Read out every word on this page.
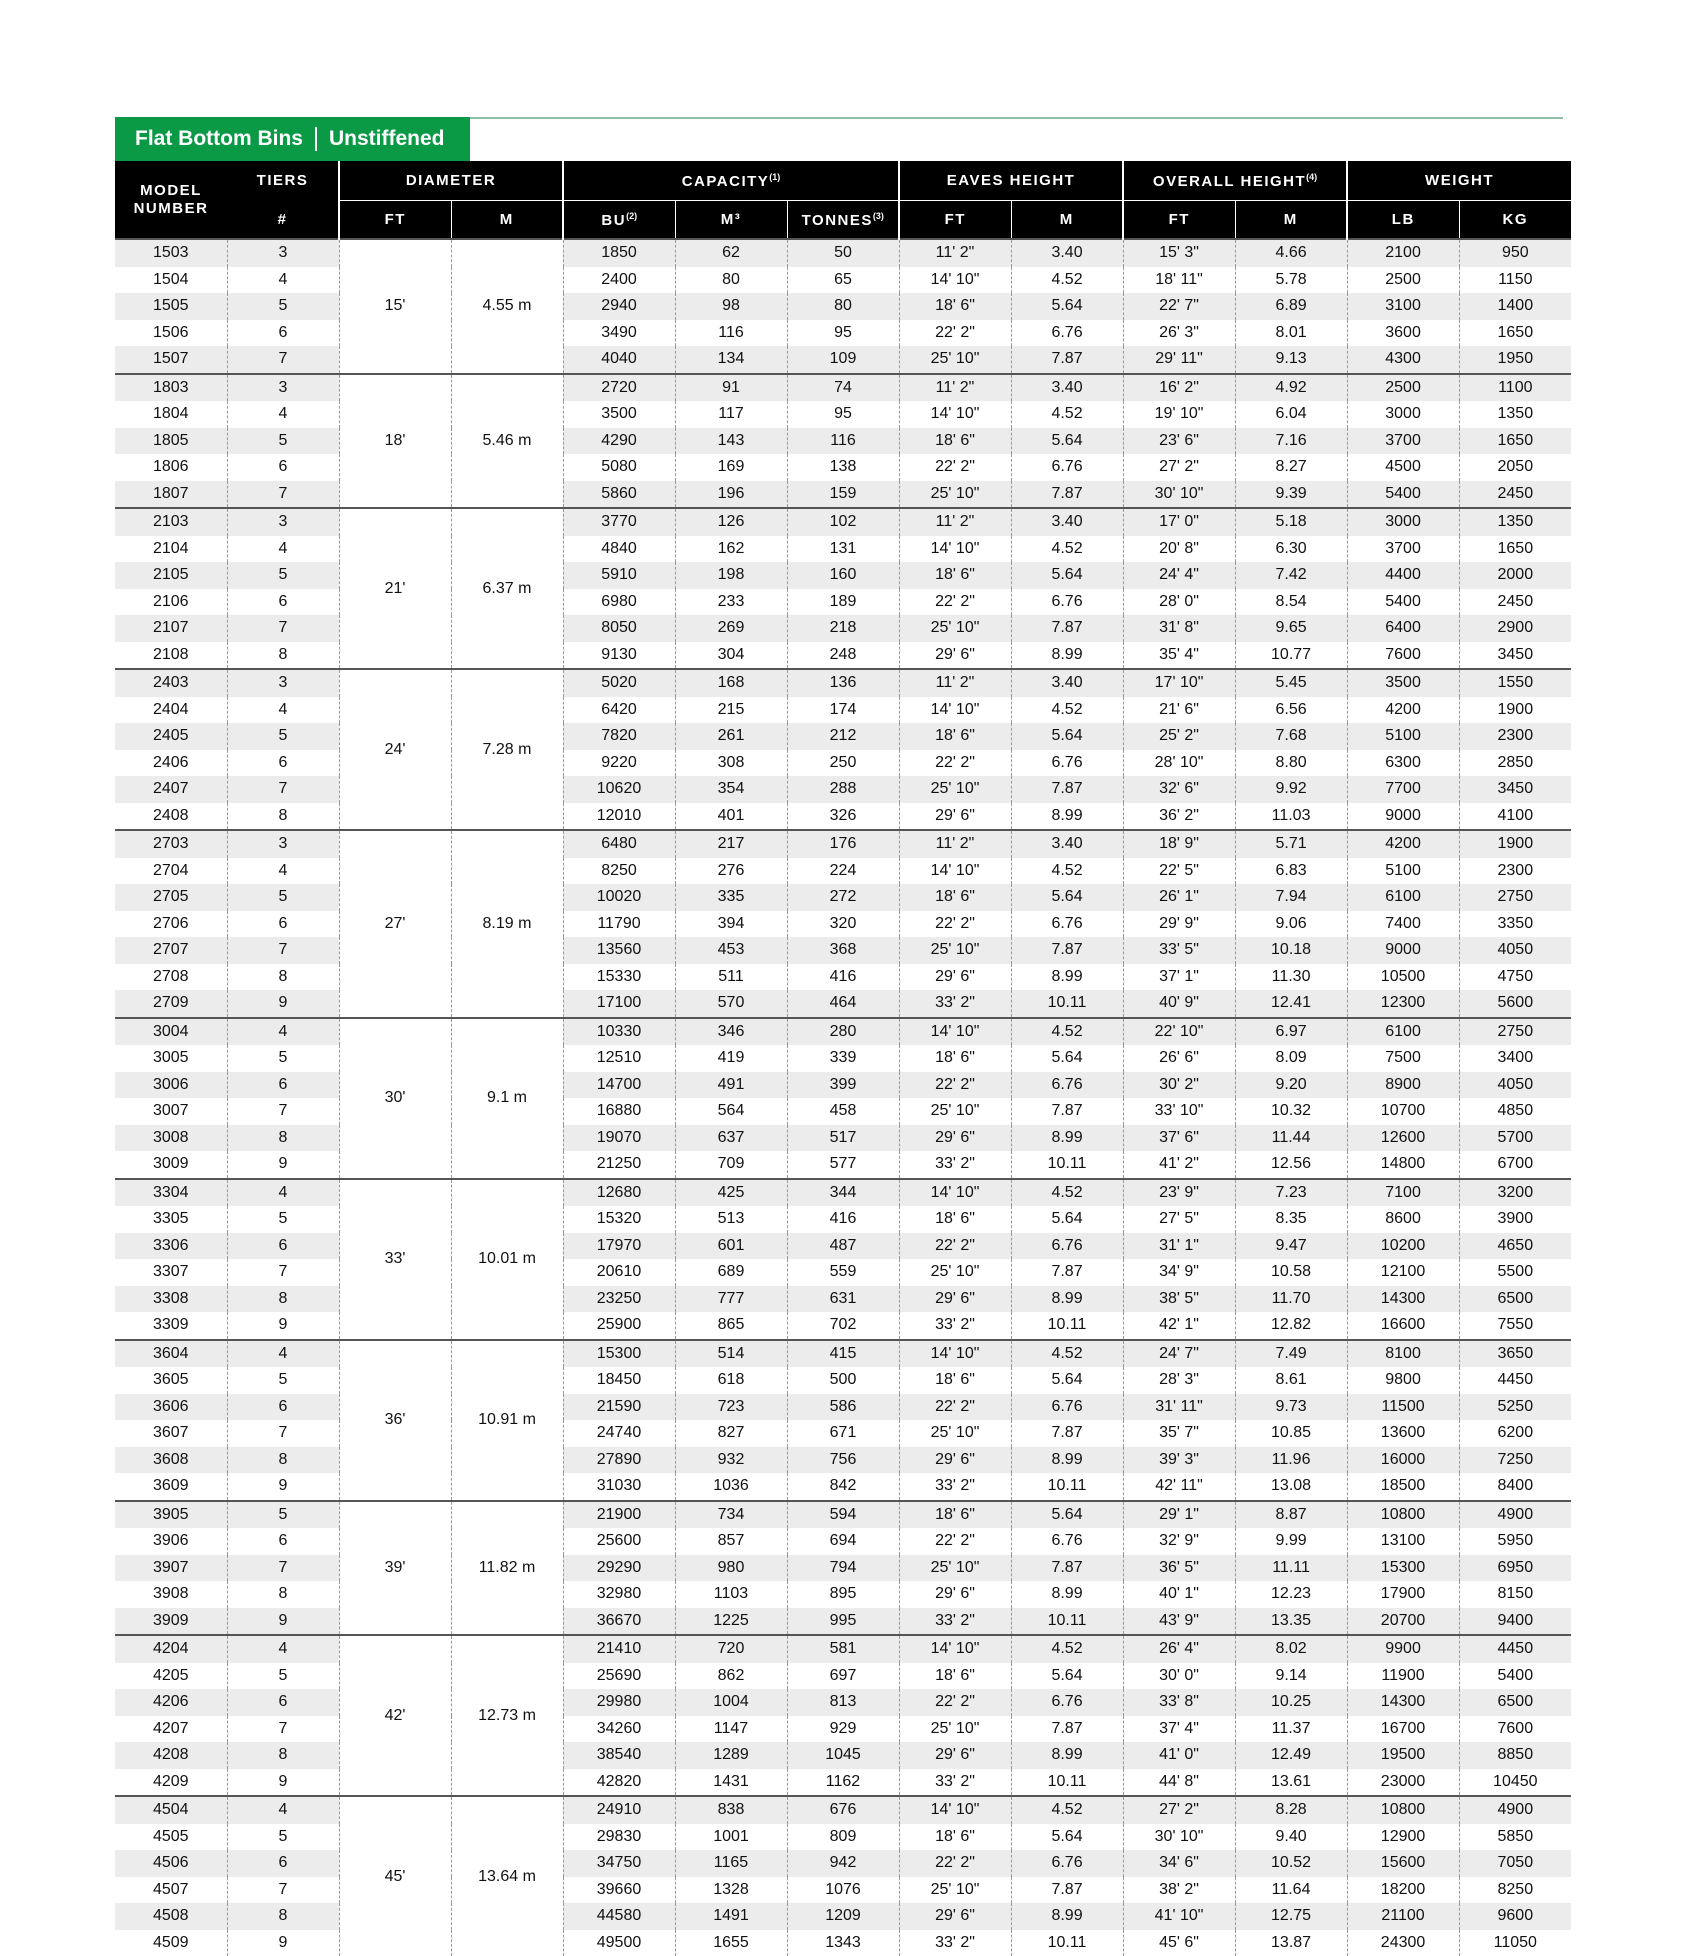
Flat Bottom Bins Unstiffened
MODEL NUMBER	TIERS	DIAMETER		CAPACITY$^{(1)}$			EAVES HEIGHT		OVERALL HEIGHT$^{(4)}$		WEIGHT	
	#	FT	M	BU$^{(2)}$	M³	TONNES$^{(3)}$	FT	M	FT	M	LB	KG
1503	3	15'	4.55 m	1850	62	50	11' 2"	3.40	15' 3"	4.66	2100	950
1504	4			2400	80	65	14' 10"	4.52	18' 11"	5.78	2500	1150
1505	5			2940	98	80	18' 6"	5.64	22' 7"	6.89	3100	1400
1506	6			3490	116	95	22' 2"	6.76	26' 3"	8.01	3600	1650
1507	7			4040	134	109	25' 10"	7.87	29' 11"	9.13	4300	1950
1803	3	18'	5.46 m	2720	91	74	11' 2"	3.40	16' 2"	4.92	2500	1100
1804	4			3500	117	95	14' 10"	4.52	19' 10"	6.04	3000	1350
1805	5			4290	143	116	18' 6"	5.64	23' 6"	7.16	3700	1650
1806	6			5080	169	138	22' 2"	6.76	27' 2"	8.27	4500	2050
1807	7			5860	196	159	25' 10"	7.87	30' 10"	9.39	5400	2450
2103	3	21'	6.37 m	3770	126	102	11' 2"	3.40	17' 0"	5.18	3000	1350
2104	4			4840	162	131	14' 10"	4.52	20' 8"	6.30	3700	1650
2105	5			5910	198	160	18' 6"	5.64	24' 4"	7.42	4400	2000
2106	6			6980	233	189	22' 2"	6.76	28' 0"	8.54	5400	2450
2107	7			8050	269	218	25' 10"	7.87	31' 8"	9.65	6400	2900
2108	8			9130	304	248	29' 6"	8.99	35' 4"	10.77	7600	3450
2403	3	24'	7.28 m	5020	168	136	11' 2"	3.40	17' 10"	5.45	3500	1550
2404	4			6420	215	174	14' 10"	4.52	21' 6"	6.56	4200	1900
2405	5			7820	261	212	18' 6"	5.64	25' 2"	7.68	5100	2300
2406	6			9220	308	250	22' 2"	6.76	28' 10"	8.80	6300	2850
2407	7			10620	354	288	25' 10"	7.87	32' 6"	9.92	7700	3450
2408	8			12010	401	326	29' 6"	8.99	36' 2"	11.03	9000	4100
2703	3	27'	8.19 m	6480	217	176	11' 2"	3.40	18' 9"	5.71	4200	1900
2704	4			8250	276	224	14' 10"	4.52	22' 5"	6.83	5100	2300
2705	5			10020	335	272	18' 6"	5.64	26' 1"	7.94	6100	2750
2706	6			11790	394	320	22' 2"	6.76	29' 9"	9.06	7400	3350
2707	7			13560	453	368	25' 10"	7.87	33' 5"	10.18	9000	4050
2708	8			15330	511	416	29' 6"	8.99	37' 1"	11.30	10500	4750
2709	9			17100	570	464	33' 2"	10.11	40' 9"	12.41	12300	5600
3004	4	30'	9.1 m	10330	346	280	14' 10"	4.52	22' 10"	6.97	6100	2750
3005	5			12510	419	339	18' 6"	5.64	26' 6"	8.09	7500	3400
3006	6			14700	491	399	22' 2"	6.76	30' 2"	9.20	8900	4050
3007	7			16880	564	458	25' 10"	7.87	33' 10"	10.32	10700	4850
3008	8			19070	637	517	29' 6"	8.99	37' 6"	11.44	12600	5700
3009	9			21250	709	577	33' 2"	10.11	41' 2"	12.56	14800	6700
3304	4	33'	10.01 m	12680	425	344	14' 10"	4.52	23' 9"	7.23	7100	3200
3305	5			15320	513	416	18' 6"	5.64	27' 5"	8.35	8600	3900
3306	6			17970	601	487	22' 2"	6.76	31' 1"	9.47	10200	4650
3307	7			20610	689	559	25' 10"	7.87	34' 9"	10.58	12100	5500
3308	8			23250	777	631	29' 6"	8.99	38' 5"	11.70	14300	6500
3309	9			25900	865	702	33' 2"	10.11	42' 1"	12.82	16600	7550
3604	4	36'	10.91 m	15300	514	415	14' 10"	4.52	24' 7"	7.49	8100	3650
3605	5			18450	618	500	18' 6"	5.64	28' 3"	8.61	9800	4450
3606	6			21590	723	586	22' 2"	6.76	31' 11"	9.73	11500	5250
3607	7			24740	827	671	25' 10"	7.87	35' 7"	10.85	13600	6200
3608	8			27890	932	756	29' 6"	8.99	39' 3"	11.96	16000	7250
3609	9			31030	1036	842	33' 2"	10.11	42' 11"	13.08	18500	8400
3905	5	39'	11.82 m	21900	734	594	18' 6"	5.64	29' 1"	8.87	10800	4900
3906	6			25600	857	694	22' 2"	6.76	32' 9"	9.99	13100	5950
3907	7			29290	980	794	25' 10"	7.87	36' 5"	11.11	15300	6950
3908	8			32980	1103	895	29' 6"	8.99	40' 1"	12.23	17900	8150
3909	9			36670	1225	995	33' 2"	10.11	43' 9"	13.35	20700	9400
4204	4	42'	12.73 m	21410	720	581	14' 10"	4.52	26' 4"	8.02	9900	4450
4205	5			25690	862	697	18' 6"	5.64	30' 0"	9.14	11900	5400
4206	6			29980	1004	813	22' 2"	6.76	33' 8"	10.25	14300	6500
4207	7			34260	1147	929	25' 10"	7.87	37' 4"	11.37	16700	7600
4208	8			38540	1289	1045	29' 6"	8.99	41' 0"	12.49	19500	8850
4209	9			42820	1431	1162	33' 2"	10.11	44' 8"	13.61	23000	10450
4504	4	45'	13.64 m	24910	838	676	14' 10"	4.52	27' 2"	8.28	10800	4900
4505	5			29830	1001	809	18' 6"	5.64	30' 10"	9.40	12900	5850
4506	6			34750	1165	942	22' 2"	6.76	34' 6"	10.52	15600	7050
4507	7			39660	1328	1076	25' 10"	7.87	38' 2"	11.64	18200	8250
4508	8			44580	1491	1209	29' 6"	8.99	41' 10"	12.75	21100	9600
4509	9			49500	1655	1343	33' 2"	10.11	45' 6"	13.87	24300	11050
